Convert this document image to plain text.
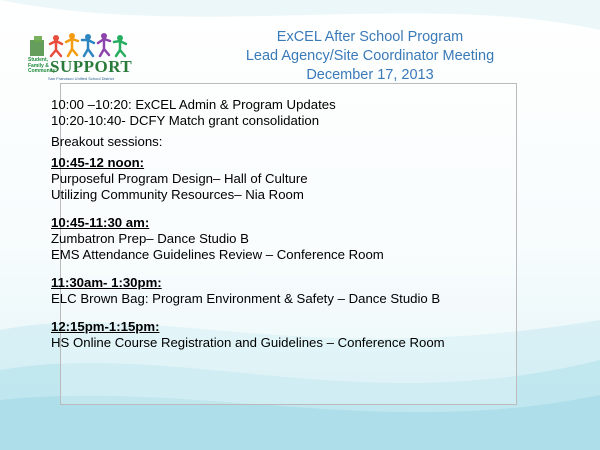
Student,
Family &
Community
SUPPORT
San Francisco Unified School District
ExCEL After School Program
Lead Agency/Site Coordinator Meeting
December 17, 2013
10:00 –10:20: ExCEL Admin & Program Updates
10:20-10:40- DCFY Match grant consolidation
Breakout sessions:
10:45-12 noon:
Purposeful Program Design– Hall of Culture
Utilizing Community Resources– Nia Room
10:45-11:30 am:
Zumbatron Prep– Dance Studio B
EMS Attendance Guidelines Review – Conference Room
11:30am- 1:30pm:
ELC Brown Bag: Program Environment & Safety – Dance Studio B
12:15pm-1:15pm:
HS Online Course Registration and Guidelines – Conference Room
